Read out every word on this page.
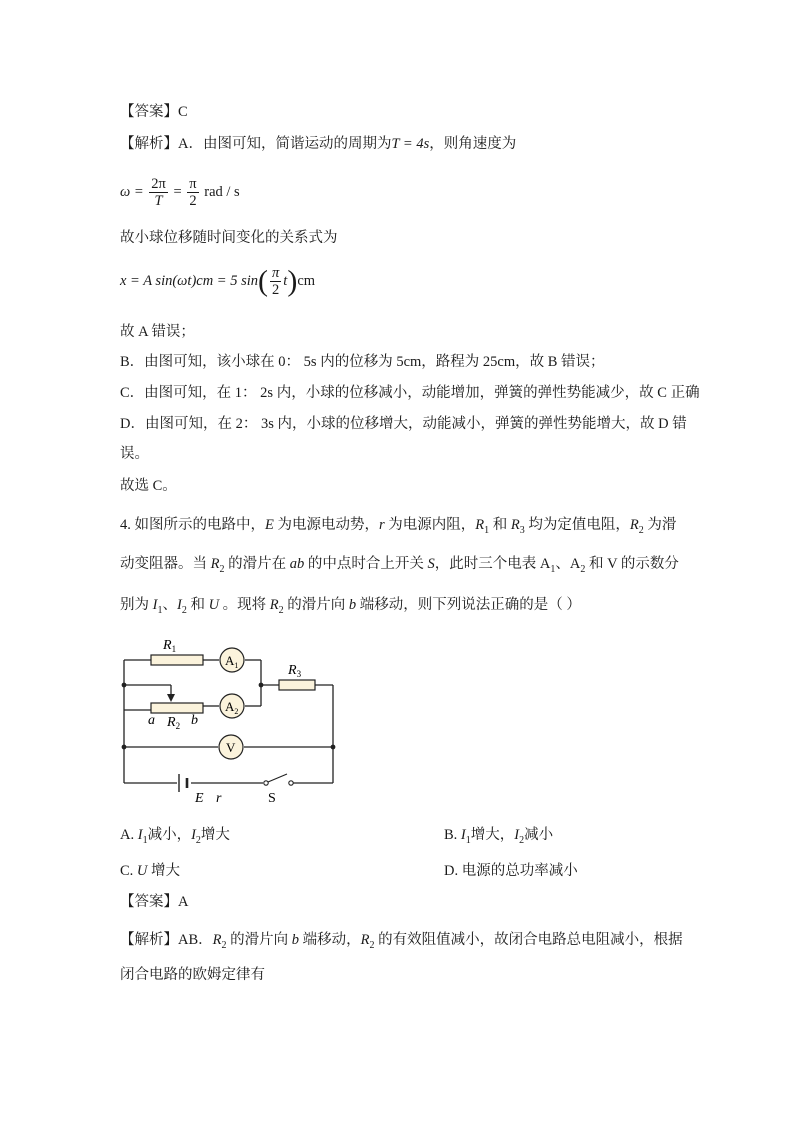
【答案】C
【解析】A．由图可知，简谐运动的周期为T = 4s，则角速度为
$\omega = \frac{2\pi}{T} = \frac{\pi}{2}$ rad / s
故小球位移随时间变化的关系式为
x = A sin(ωt)cm = 5 $\sin( \frac{\pi}{2} t)cm$
故 A 错误；
B．由图可知，该小球在 0： 5s 内的位移为 5cm，路程为 25cm，故 B 错误；
C．由图可知，在 1： 2s 内，小球的位移减小，动能增加，弹簧的弹性势能减少，故 C 正确
D．由图可知，在 2： 3s 内，小球的位移增大，动能减小，弹簧的弹性势能增大，故 D 错
误。
故选 C。
4. 如图所示的电路中，E 为电源电动势，r 为电源内阻，$R_1$ 和 $R_3$ 均为定值电阻，$R_2$ 为滑
动变阻器。当 $R_2$ 的滑片在 ab 的中点时合上开关 S，此时三个电表 $A_1$、$A_2$ 和 V 的示数分
别为 $I_1$、$I_2$ 和 U 。现将 $R_2$ 的滑片向 b 端移动，则下列说法正确的是（ ）
$R_1$
$R_3$
$R_2$
a	b
$A_1$
$A_2$
V
E r	S
A. $I_1$减小，$I_2$增大	B. $I_1$增大，$I_2$减小
C. U 增大	D. 电源的总功率减小
【答案】A
【解析】AB．$R_2$ 的滑片向 b 端移动，$R_2$ 的有效阻值减小，故闭合电路总电阻减小，根据
闭合电路的欧姆定律有
